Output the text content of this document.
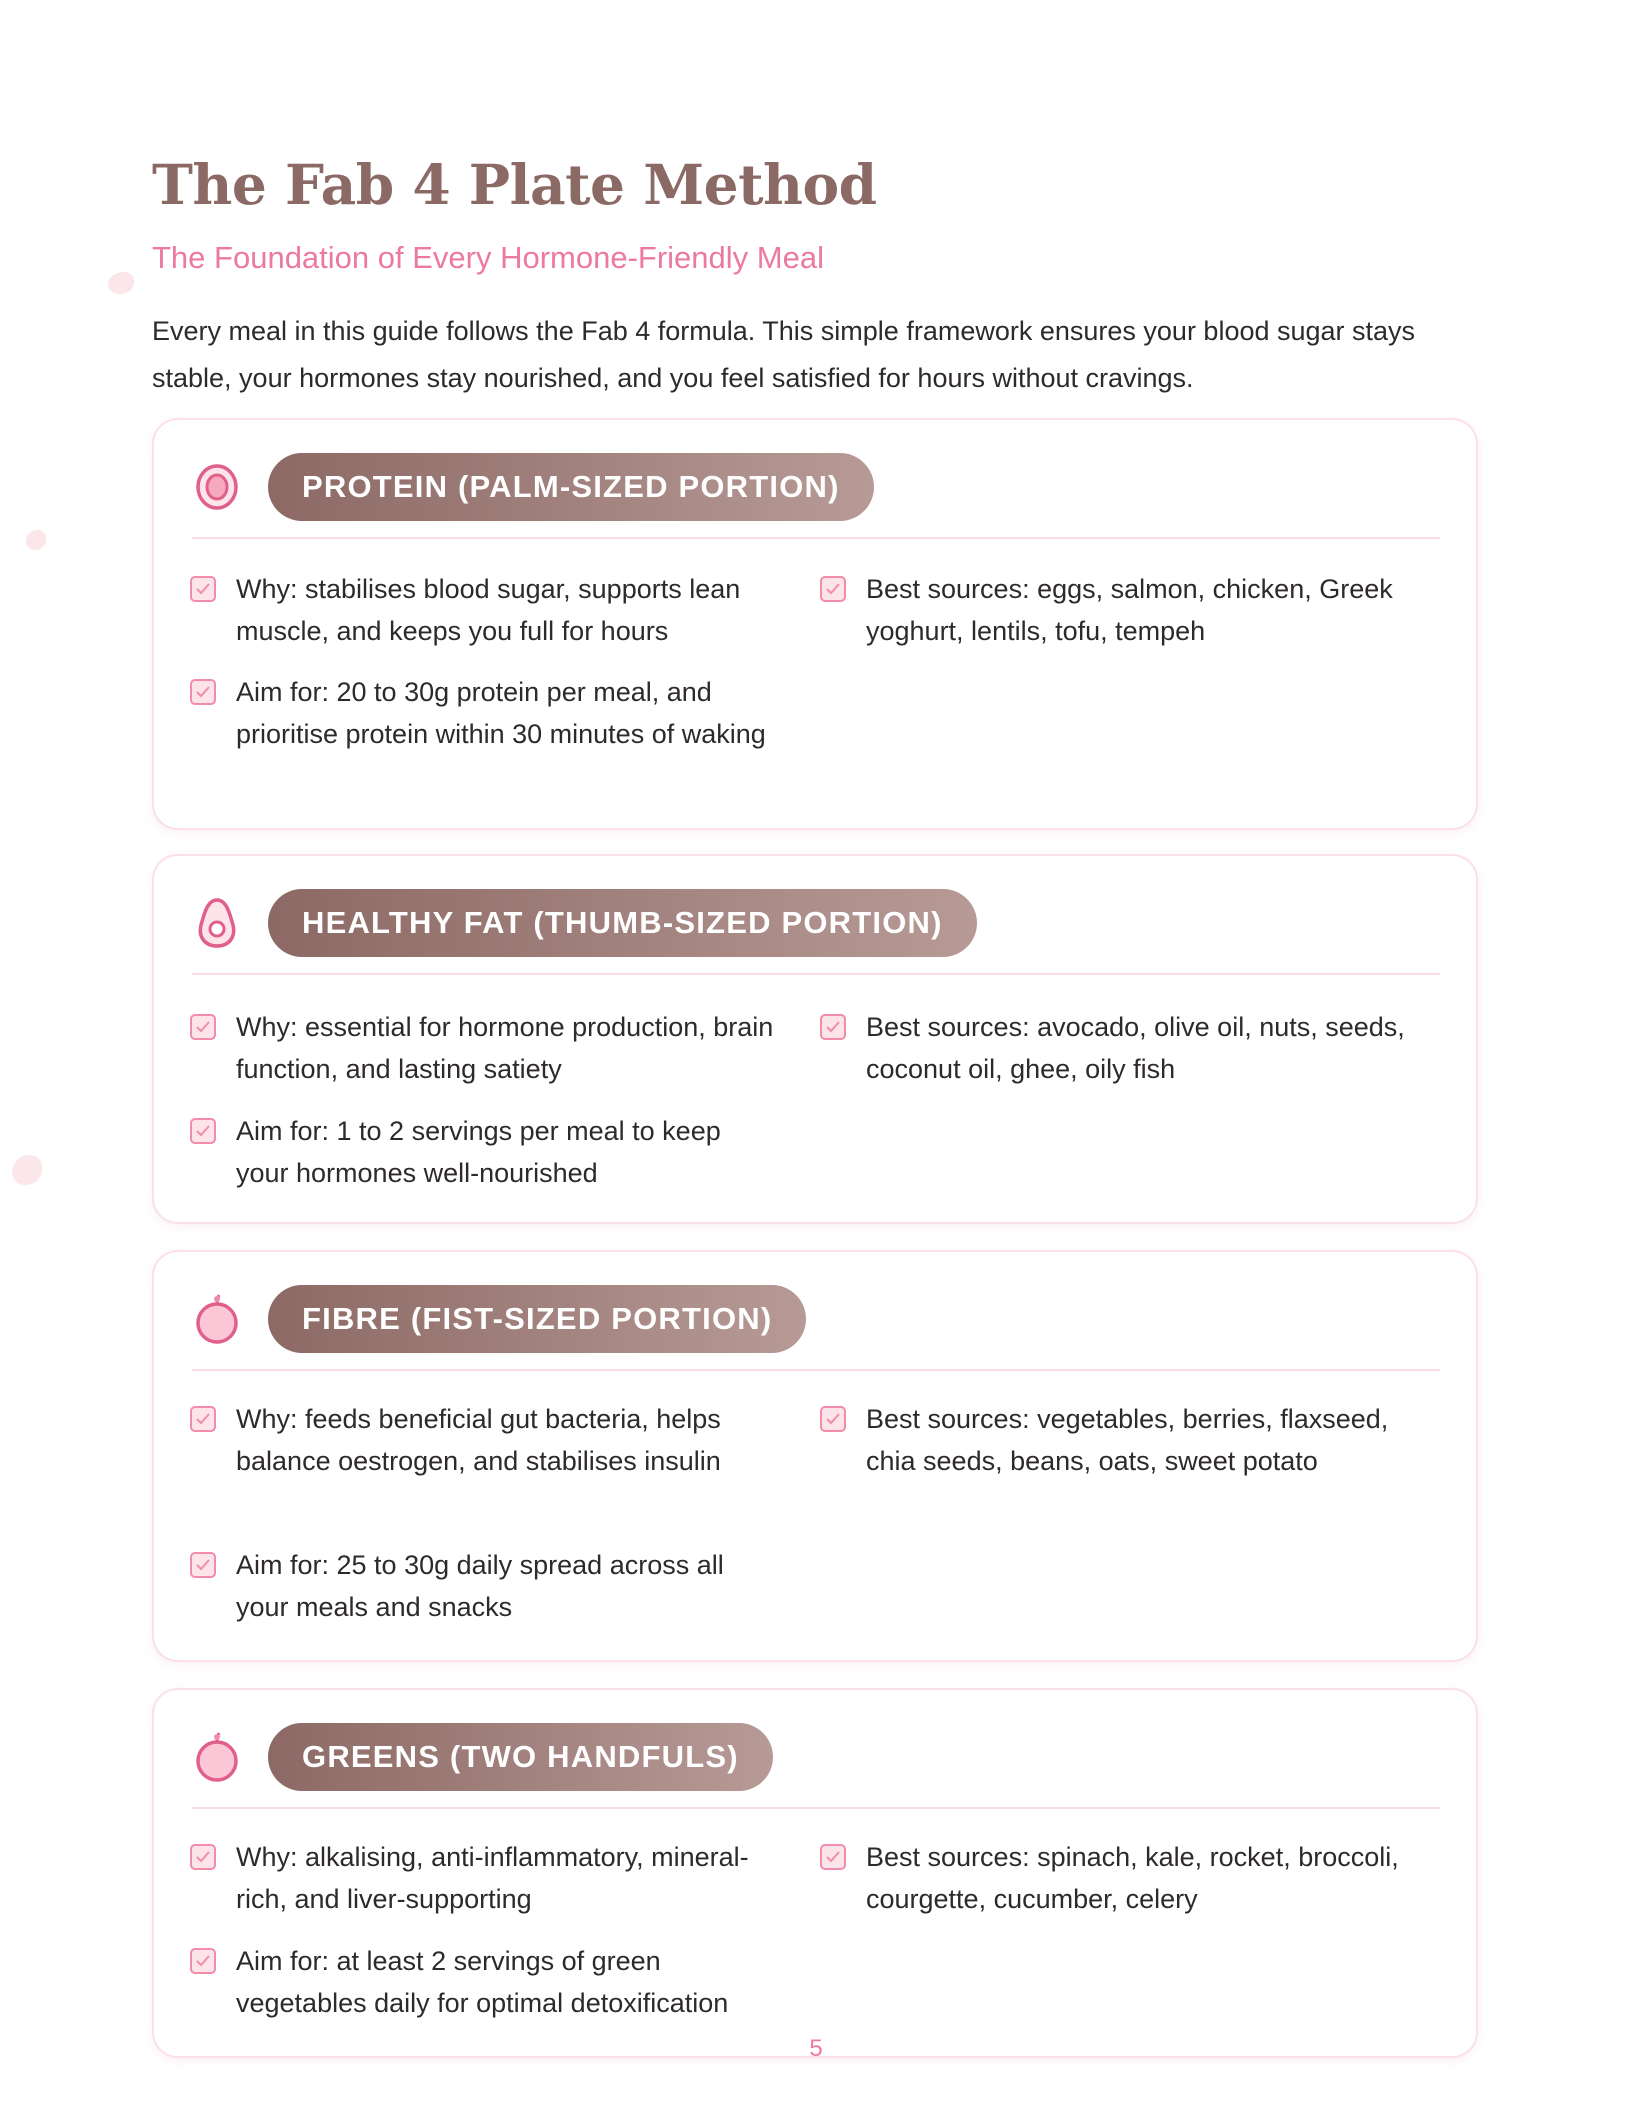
The Fab 4 Plate Method
The Foundation of Every Hormone-Friendly Meal
Every meal in this guide follows the Fab 4 formula. This simple framework ensures your blood sugar stays stable, your hormones stay nourished, and you feel satisfied for hours without cravings.
PROTEIN (PALM-SIZED PORTION)
Why: stabilises blood sugar, supports lean muscle, and keeps you full for hours
Best sources: eggs, salmon, chicken, Greek yoghurt, lentils, tofu, tempeh
Aim for: 20 to 30g protein per meal, and prioritise protein within 30 minutes of waking
HEALTHY FAT (THUMB-SIZED PORTION)
Why: essential for hormone production, brain function, and lasting satiety
Best sources: avocado, olive oil, nuts, seeds, coconut oil, ghee, oily fish
Aim for: 1 to 2 servings per meal to keep your hormones well-nourished
FIBRE (FIST-SIZED PORTION)
Why: feeds beneficial gut bacteria, helps balance oestrogen, and stabilises insulin
Best sources: vegetables, berries, flaxseed, chia seeds, beans, oats, sweet potato
Aim for: 25 to 30g daily spread across all your meals and snacks
GREENS (TWO HANDFULS)
Why: alkalising, anti-inflammatory, mineral-rich, and liver-supporting
Best sources: spinach, kale, rocket, broccoli, courgette, cucumber, celery
Aim for: at least 2 servings of green vegetables daily for optimal detoxification
5
